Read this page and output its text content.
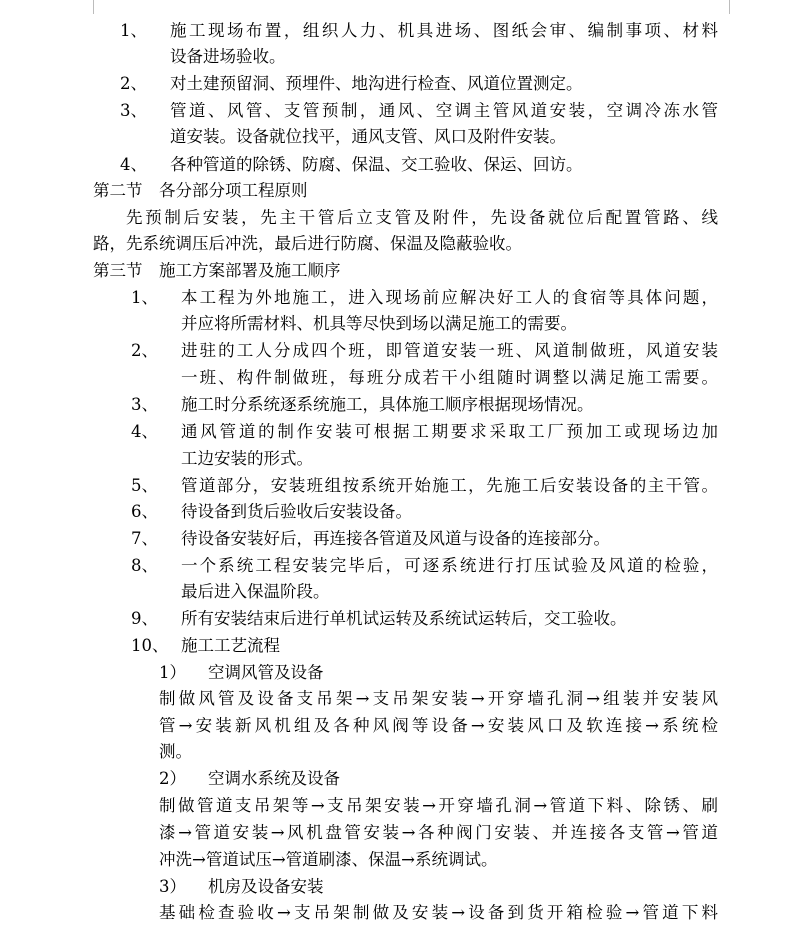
1、 施工现场布置，组织人力、机具进场、图纸会审、编制事项、材料
设备进场验收。
2、 对土建预留洞、预埋件、地沟进行检查、风道位置测定。
3、 管道、风管、支管预制，通风、空调主管风道安装，空调冷冻水管
道安装。设备就位找平，通风支管、风口及附件安装。
4、 各种管道的除锈、防腐、保温、交工验收、保运、回访。
第二节　各分部分项工程原则
先预制后安装，先主干管后立支管及附件，先设备就位后配置管路、线
路，先系统调压后冲洗，最后进行防腐、保温及隐蔽验收。
第三节　施工方案部署及施工顺序
1、 本工程为外地施工，进入现场前应解决好工人的食宿等具体问题，
并应将所需材料、机具等尽快到场以满足施工的需要。
2、 进驻的工人分成四个班，即管道安装一班、风道制做班，风道安装
一班、构件制做班，每班分成若干小组随时调整以满足施工需要。
3、 施工时分系统逐系统施工，具体施工顺序根据现场情况。
4、 通风管道的制作安装可根据工期要求采取工厂预加工或现场边加
工边安装的形式。
5、 管道部分，安装班组按系统开始施工，先施工后安装设备的主干管。
6、 待设备到货后验收后安装设备。
7、 待设备安装好后，再连接各管道及风道与设备的连接部分。
8、 一个系统工程安装完毕后，可逐系统进行打压试验及风道的检验，
最后进入保温阶段。
9、 所有安装结束后进行单机试运转及系统试运转后，交工验收。
10、 施工工艺流程
1） 空调风管及设备
制做风管及设备支吊架→支吊架安装→开穿墙孔洞→组装并安装风
管→安装新风机组及各种风阀等设备→安装风口及软连接→系统检
测。
2） 空调水系统及设备
制做管道支吊架等→支吊架安装→开穿墙孔洞→管道下料、除锈、刷
漆→管道安装→风机盘管安装→各种阀门安装、并连接各支管→管道
冲洗→管道试压→管道刷漆、保温→系统调试。
3） 机房及设备安装
基础检查验收→支吊架制做及安装→设备到货开箱检验→管道下料
